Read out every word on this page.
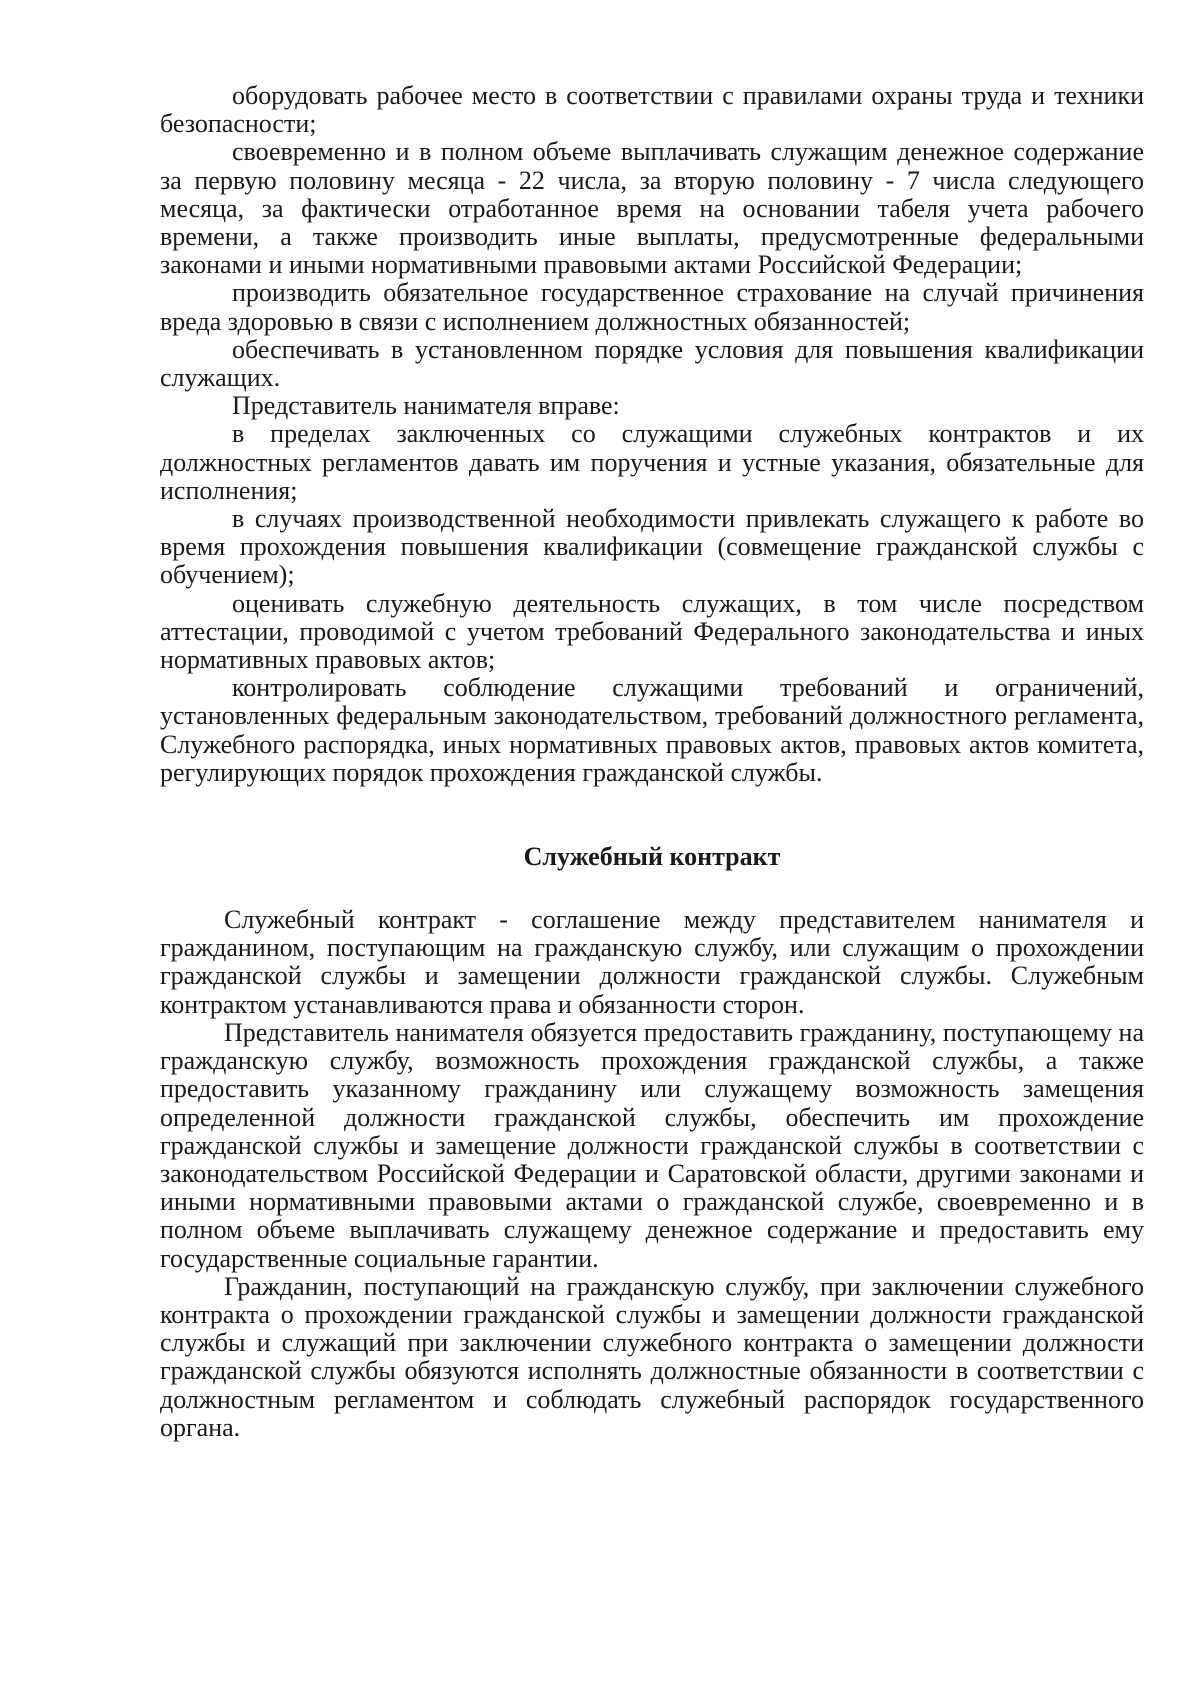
оборудовать рабочее место в соответствии с правилами охраны труда и техники безопасности;

своевременно и в полном объеме выплачивать служащим денежное содержание за первую половину месяца - 22 числа, за вторую половину - 7 числа следующего месяца, за фактически отработанное время на основании табеля учета рабочего времени, а также производить иные выплаты, предусмотренные федеральными законами и иными нормативными правовыми актами Российской Федерации;

производить обязательное государственное страхование на случай причинения вреда здоровью в связи с исполнением должностных обязанностей;

обеспечивать в установленном порядке условия для повышения квалификации служащих.

Представитель нанимателя вправе:

в пределах заключенных со служащими служебных контрактов и их должностных регламентов давать им поручения и устные указания, обязательные для исполнения;

в случаях производственной необходимости привлекать служащего к работе во время прохождения повышения квалификации (совмещение гражданской службы с обучением);

оценивать служебную деятельность служащих, в том числе посредством аттестации, проводимой с учетом требований Федерального законодательства и иных нормативных правовых актов;

контролировать соблюдение служащими требований и ограничений, установленных федеральным законодательством, требований должностного регламента, Служебного распорядка, иных нормативных правовых актов, правовых актов комитета, регулирующих порядок прохождения гражданской службы.

Служебный контракт

Служебный контракт - соглашение между представителем нанимателя и гражданином, поступающим на гражданскую службу, или служащим о прохождении гражданской службы и замещении должности гражданской службы. Служебным контрактом устанавливаются права и обязанности сторон.

Представитель нанимателя обязуется предоставить гражданину, поступающему на гражданскую службу, возможность прохождения гражданской службы, а также предоставить указанному гражданину или служащему возможность замещения определенной должности гражданской службы, обеспечить им прохождение гражданской службы и замещение должности гражданской службы в соответствии с законодательством Российской Федерации и Саратовской области, другими законами и иными нормативными правовыми актами о гражданской службе, своевременно и в полном объеме выплачивать служащему денежное содержание и предоставить ему государственные социальные гарантии.

Гражданин, поступающий на гражданскую службу, при заключении служебного контракта о прохождении гражданской службы и замещении должности гражданской службы и служащий при заключении служебного контракта о замещении должности гражданской службы обязуются исполнять должностные обязанности в соответствии с должностным регламентом и соблюдать служебный распорядок государственного органа.
